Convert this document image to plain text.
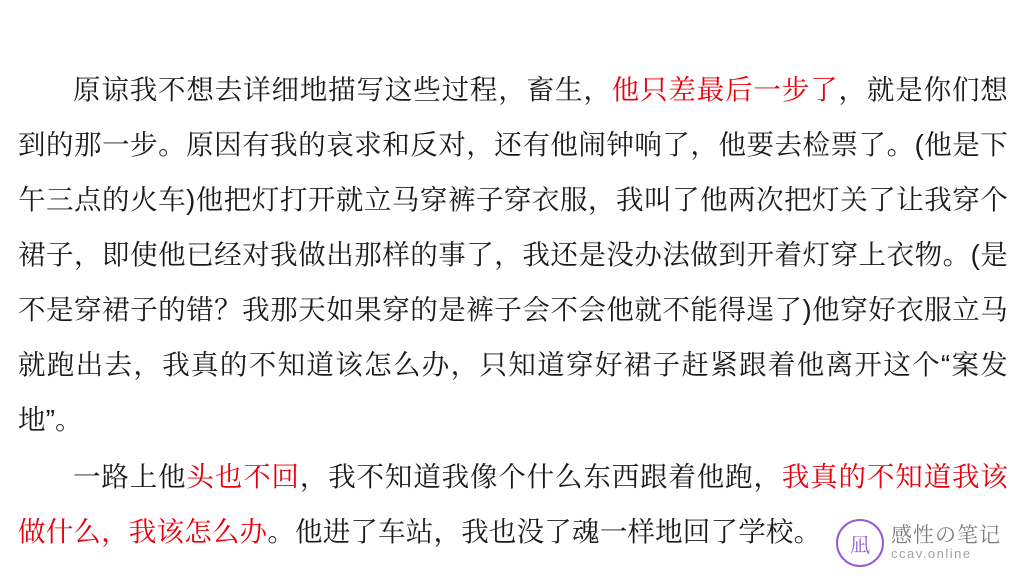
原谅我不想去详细地描写这些过程，畜生，他只差最后一步了，就是你们想到的那一步。原因有我的哀求和反对，还有他闹钟响了，他要去检票了。(他是下午三点的火车)他把灯打开就立马穿裤子穿衣服，我叫了他两次把灯关了让我穿个裙子，即使他已经对我做出那样的事了，我还是没办法做到开着灯穿上衣物。(是不是穿裙子的错？我那天如果穿的是裤子会不会他就不能得逞了)他穿好衣服立马就跑出去，我真的不知道该怎么办，只知道穿好裙子赶紧跟着他离开这个“案发地”。

一路上他头也不回，我不知道我像个什么东西跟着他跑，我真的不知道我该做什么，我该怎么办。他进了车站，我也没了魂一样地回了学校。	凪	感性の笔记
ccav.online
